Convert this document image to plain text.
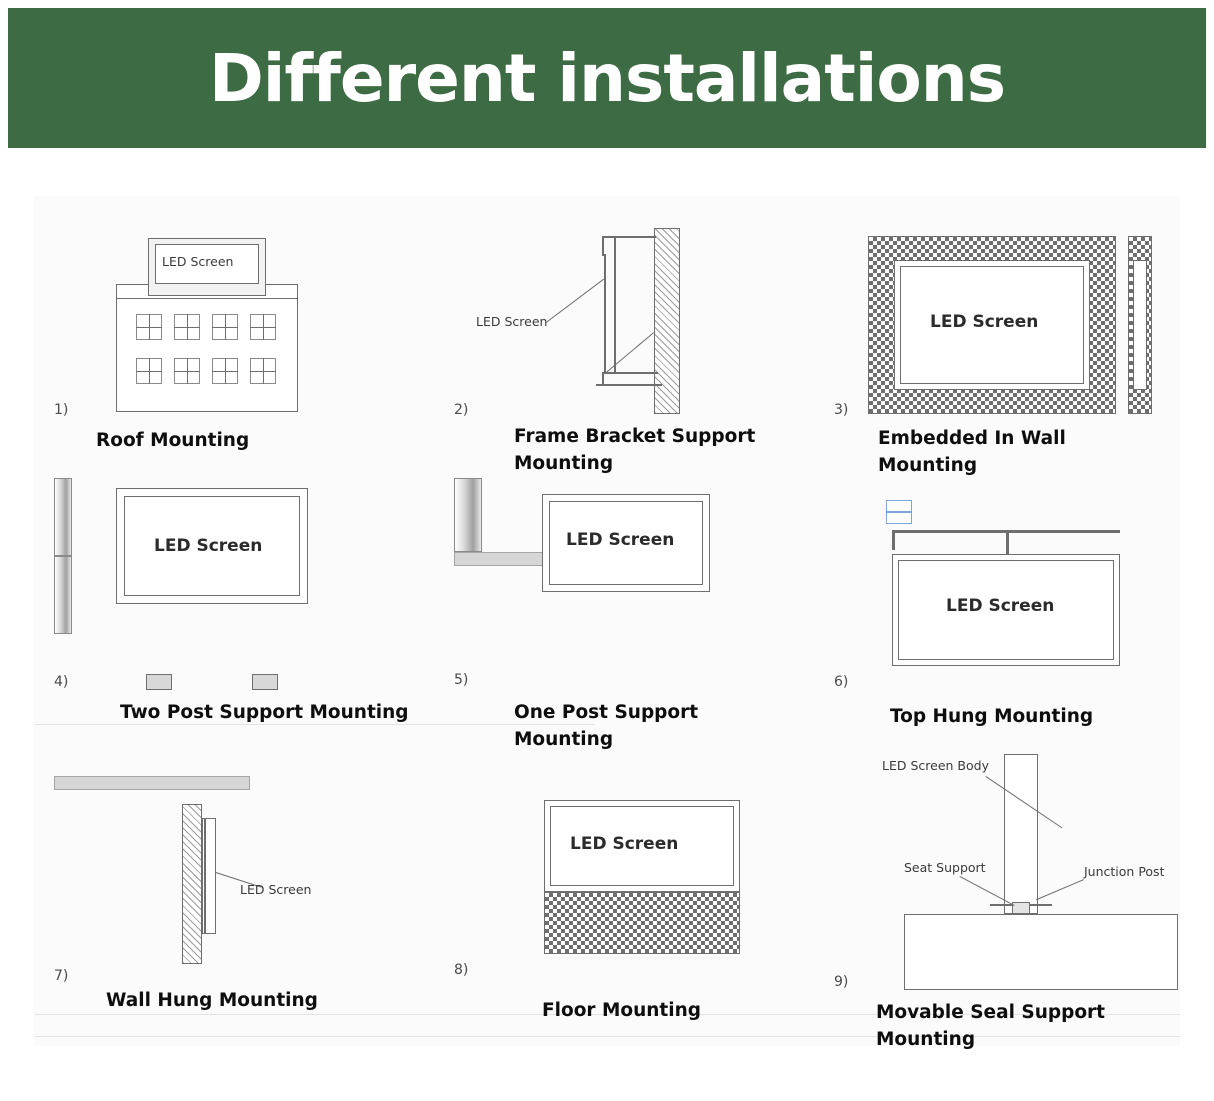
Different installations
LED Screen
1)
Roof Mounting
LED Screen
2)
Frame Bracket Support Mounting
LED Screen
3)
Embedded In Wall Mounting
LED Screen
4)
Two Post Support Mounting
LED Screen
5)
One Post Support Mounting
LED Screen
6)
Top Hung Mounting
LED Screen
7)
Wall Hung Mounting
LED Screen
8)
Floor Mounting
LED Screen Body
Seat Support	Junction Post
9)
Movable Seal Support Mounting
